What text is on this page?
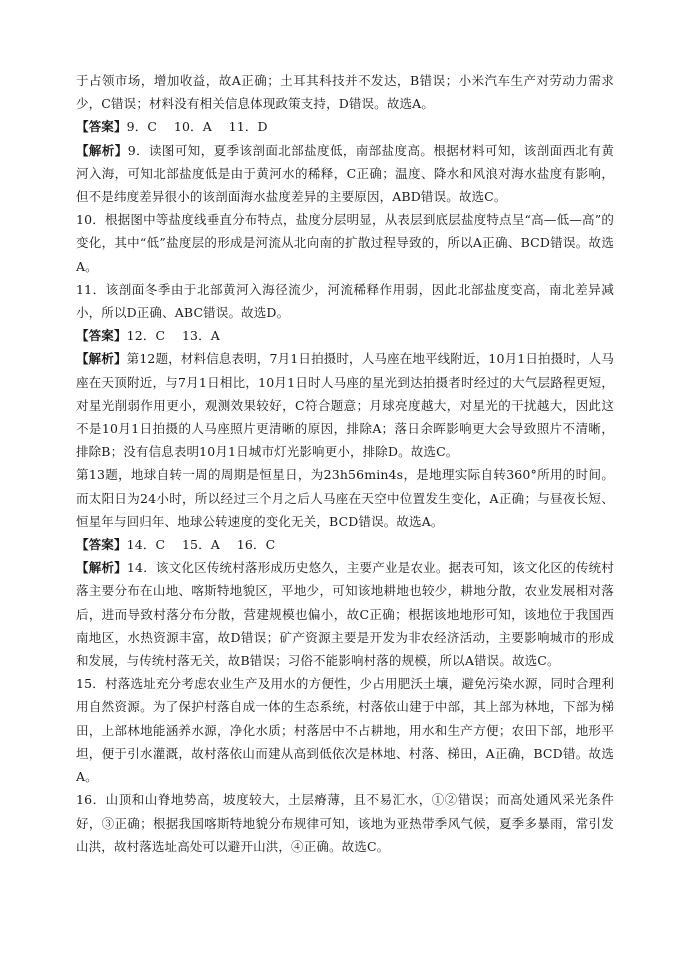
于占领市场，增加收益，故A正确；土耳其科技并不发达，B错误；小米汽车生产对劳动力需求少，C错误；材料没有相关信息体现政策支持，D错误。故选A。

【答案】9．C　 10．A　 11．D

【解析】9．读图可知，夏季该剖面北部盐度低，南部盐度高。根据材料可知，该剖面西北有黄河入海，可知北部盐度低是由于黄河水的稀释，C正确；温度、降水和风浪对海水盐度有影响，但不是纬度差异很小的该剖面海水盐度差异的主要原因，ABD错误。故选C。

10．根据图中等盐度线垂直分布特点，盐度分层明显，从表层到底层盐度特点呈“高—低—高”的变化，其中“低”盐度层的形成是河流从北向南的扩散过程导致的，所以A正确、BCD错误。故选A。

11．该剖面冬季由于北部黄河入海径流少，河流稀释作用弱，因此北部盐度变高，南北差异减小，所以D正确、ABC错误。故选D。

【答案】12．C　 13．A

【解析】第12题，材料信息表明，7月1日拍摄时，人马座在地平线附近，10月1日拍摄时，人马座在天顶附近，与7月1日相比，10月1日时人马座的星光到达拍摄者时经过的大气层路程更短，对星光削弱作用更小，观测效果较好，C符合题意；月球亮度越大，对星光的干扰越大，因此这不是10月1日拍摄的人马座照片更清晰的原因，排除A；落日余晖影响更大会导致照片不清晰，排除B；没有信息表明10月1日城市灯光影响更小，排除D。故选C。

第13题，地球自转一周的周期是恒星日，为23h56min4s，是地理实际自转360°所用的时间。而太阳日为24小时，所以经过三个月之后人马座在天空中位置发生变化，A正确；与昼夜长短、恒星年与回归年、地球公转速度的变化无关，BCD错误。故选A。

【答案】14．C　 15．A　 16．C

【解析】14．该文化区传统村落形成历史悠久，主要产业是农业。据表可知，该文化区的传统村落主要分布在山地、喀斯特地貌区，平地少，可知该地耕地也较少，耕地分散，农业发展相对落后，进而导致村落分布分散，营建规模也偏小，故C正确；根据该地地形可知，该地位于我国西南地区，水热资源丰富，故D错误；矿产资源主要是开发为非农经济活动，主要影响城市的形成和发展，与传统村落无关，故B错误；习俗不能影响村落的规模，所以A错误。故选C。

15．村落选址充分考虑农业生产及用水的方便性，少占用肥沃土壤，避免污染水源，同时合理利用自然资源。为了保护村落自成一体的生态系统，村落依山建于中部，其上部为林地，下部为梯田，上部林地能涵养水源，净化水质；村落居中不占耕地，用水和生产方便；农田下部，地形平坦，便于引水灌溉，故村落依山而建从高到低依次是林地、村落、梯田，A正确，BCD错。故选A。

16．山顶和山脊地势高，坡度较大，土层瘠薄，且不易汇水，①②错误；而高处通风采光条件好，③正确；根据我国喀斯特地貌分布规律可知，该地为亚热带季风气候，夏季多暴雨，常引发山洪，故村落选址高处可以避开山洪，④正确。故选C。
